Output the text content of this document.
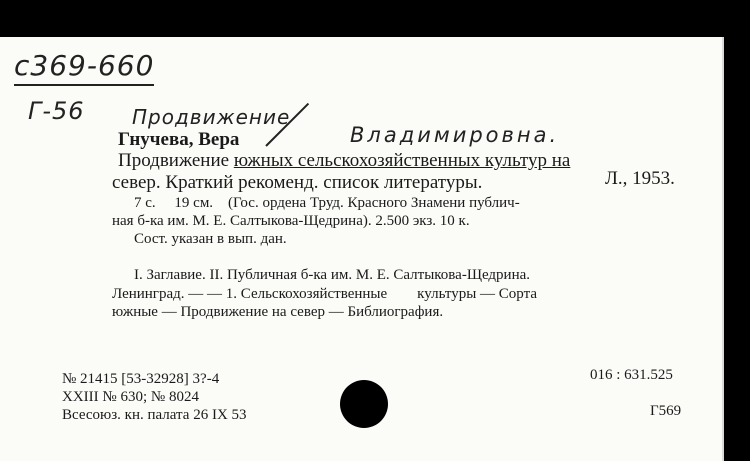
с369-660
Г-56 Продвижение
Владимировна.
Гнучева, Вера
Продвижение южных сельскохозяйственных культур на
север. Краткий рекоменд. список литературы.	Л., 1953.
7 с.     19 см.    (Гос. ордена Труд. Красного Знамени публич-
ная б-ка им. М. Е. Салтыкова-Щедрина). 2.500 экз. 10 к.
Сост. указан в вып. дан.
I. Заглавие. II. Публичная б-ка им. М. Е. Салтыкова-Щедрина.
Ленинград. — — 1. Сельскохозяйственные        культуры — Сорта
южные — Продвижение на север — Библиография.
№ 21415 [53-32928] 3?-4
XXIII № 630; № 8024
Всесоюз. кн. палата 26 IX 53
016 : 631.525
Г569
